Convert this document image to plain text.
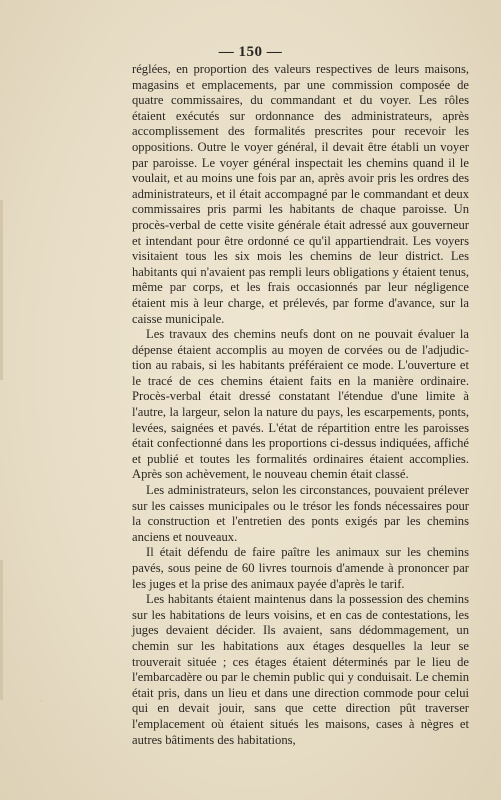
— 150 —

réglées, en proportion des valeurs respectives de leurs maisons, magasins et emplacements, par une commission composée de quatre commissaires, du commandant et du voyer. Les rôles étaient exécutés sur ordonnance des administrateurs, après accomplissement des formalités prescrites pour recevoir les oppositions. Outre le voyer général, il devait être établi un voyer par paroisse. Le voyer général inspectait les chemins quand il le voulait, et au moins une fois par an, après avoir pris les ordres des administrateurs, et il était accompagné par le commandant et deux commissaires pris parmi les habitants de chaque paroisse. Un procès-verbal de cette visite générale était adressé aux gouverneur et intendant pour être ordonné ce qu'il appartiendrait. Les voyers visitaient tous les six mois les chemins de leur district. Les habitants qui n'avaient pas rempli leurs obligations y étaient tenus, même par corps, et les frais occasionnés par leur négligence étaient mis à leur charge, et prélevés, par forme d'avance, sur la caisse municipale.

Les travaux des chemins neufs dont on ne pouvait évaluer la dépense étaient accomplis au moyen de corvées ou de l'adjudic-tion au rabais, si les habitants préféraient ce mode. L'ouverture et le tracé de ces chemins étaient faits en la manière ordinaire. Procès-verbal était dressé constatant l'étendue d'une limite à l'autre, la largeur, selon la nature du pays, les escarpements, ponts, levées, saignées et pavés. L'état de répartition entre les paroisses était confectionné dans les proportions ci-dessus indiquées, affiché et publié et toutes les formalités ordinaires étaient accomplies. Après son achèvement, le nouveau chemin était classé.

Les administrateurs, selon les circonstances, pouvaient prélever sur les caisses municipales ou le trésor les fonds nécessaires pour la construction et l'entretien des ponts exigés par les chemins anciens et nouveaux.

Il était défendu de faire paître les animaux sur les chemins pavés, sous peine de 60 livres tournois d'amende à prononcer par les juges et la prise des animaux payée d'après le tarif.

Les habitants étaient maintenus dans la possession des chemins sur les habitations de leurs voisins, et en cas de contestations, les juges devaient décider. Ils avaient, sans dédommagement, un chemin sur les habitations aux étages desquelles la leur se trouverait située ; ces étages étaient déterminés par le lieu de l'embarcadère ou par le chemin public qui y conduisait. Le chemin était pris, dans un lieu et dans une direction commode pour celui qui en devait jouir, sans que cette direction pût traverser l'emplacement où étaient situés les maisons, cases à nègres et autres bâtiments des habitations,
